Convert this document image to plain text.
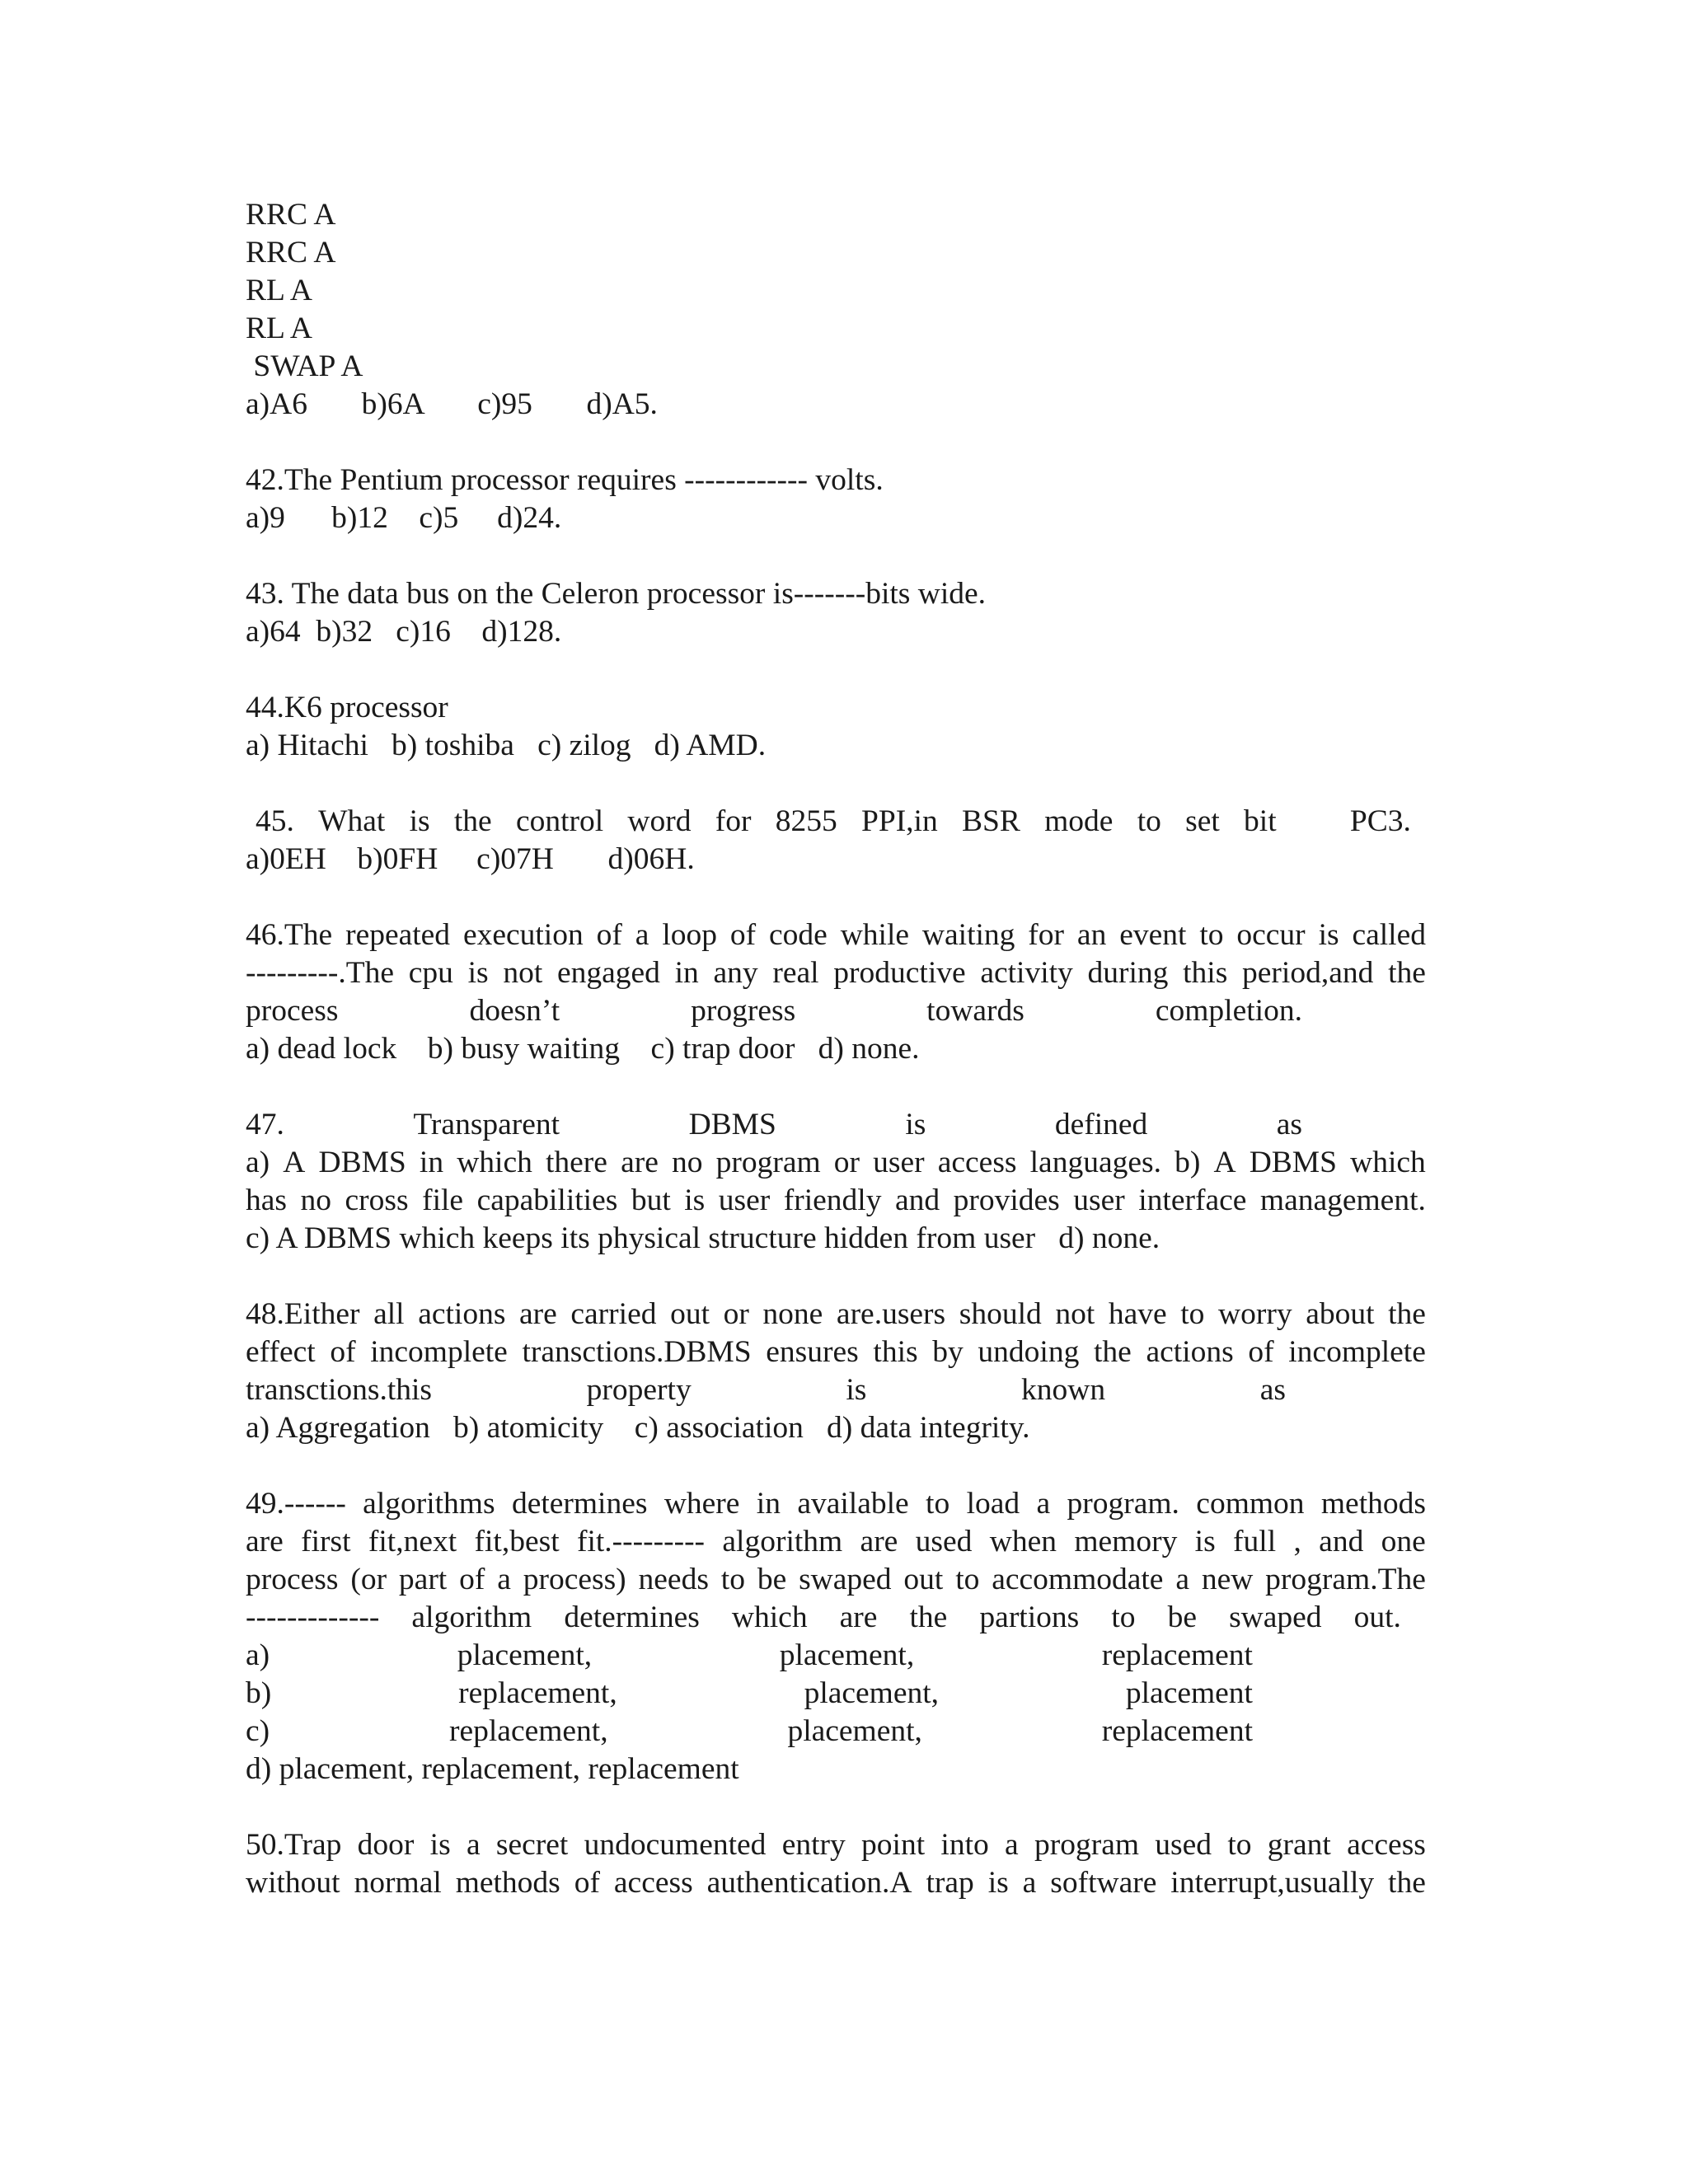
RRC A
RRC A
RL A
RL A
SWAP A
a)A6       b)6A       c)95       d)A5.
42.The Pentium processor requires ------------ volts.
a)9      b)12    c)5     d)24.
43. The data bus on the Celeron processor is-------bits wide.
a)64  b)32   c)16    d)128.
44.K6 processor
a) Hitachi   b) toshiba   c) zilog   d) AMD.
45. What is the control word for 8255 PPI,in BSR mode to set bit PC3.
a)0EH    b)0FH     c)07H       d)06H.
46.The repeated execution of a loop of code while waiting for an event to occur is called
---------.The cpu is not engaged in any real productive activity during this period,and the
process	doesn’t	progress	towards	completion.
a) dead lock    b) busy waiting    c) trap door   d) none.
47.	Transparent	DBMS	is	defined	as
a) A DBMS in which there are no program or user access languages. b) A DBMS which
has no cross file capabilities but is user friendly and provides user interface management.
c) A DBMS which keeps its physical structure hidden from user   d) none.
48.Either all actions are carried out or none are.users should not have to worry about the
effect of incomplete transctions.DBMS ensures this by undoing the actions of incomplete
transctions.this	property	is	known	as
a) Aggregation   b) atomicity    c) association   d) data integrity.
49.------ algorithms determines where in available to load a program. common methods
are first fit,next fit,best fit.--------- algorithm are used when memory is full , and one
process (or part of a process) needs to be swaped out to accommodate a new program.The
------------- algorithm determines which are the partions to be swaped out.
a)	placement,	placement,	replacement
b)	replacement,	placement,	placement
c)	replacement,	placement,	replacement
d) placement, replacement, replacement
50.Trap door is a secret undocumented entry point into a program used to grant access
without normal methods of access authentication.A trap is a software interrupt,usually the
